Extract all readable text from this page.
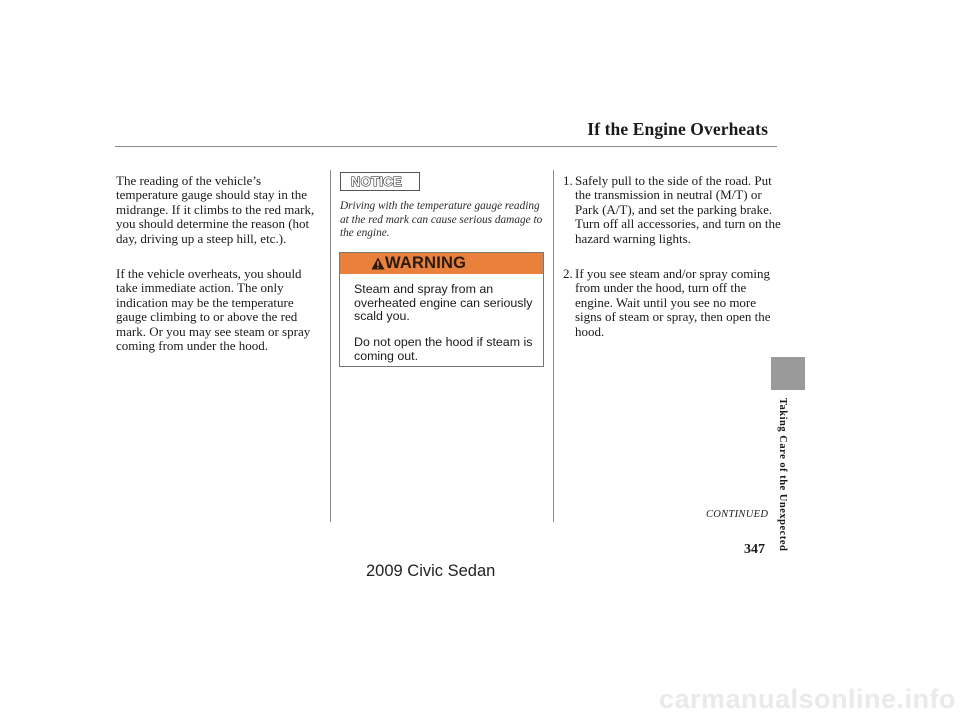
If the Engine Overheats

The reading of the vehicle’s temperature gauge should stay in the midrange. If it climbs to the red mark, you should determine the reason (hot day, driving up a steep hill, etc.).

If the vehicle overheats, you should take immediate action. The only indication may be the temperature gauge climbing to or above the red mark. Or you may see steam or spray coming from under the hood.

NOTICE
Driving with the temperature gauge reading at the red mark can cause serious damage to the engine.
WARNING

Steam and spray from an overheated engine can seriously scald you.

Do not open the hood if steam is coming out.

1. Safely pull to the side of the road. Put the transmission in neutral (M/T) or Park (A/T), and set the parking brake. Turn off all accessories, and turn on the hazard warning lights.
2. If you see steam and/or spray coming from under the hood, turn off the engine. Wait until you see no more signs of steam or spray, then open the hood.
CONTINUED Taking Care of the Unexpected
347
2009 Civic Sedan
carmanualsonline.info
